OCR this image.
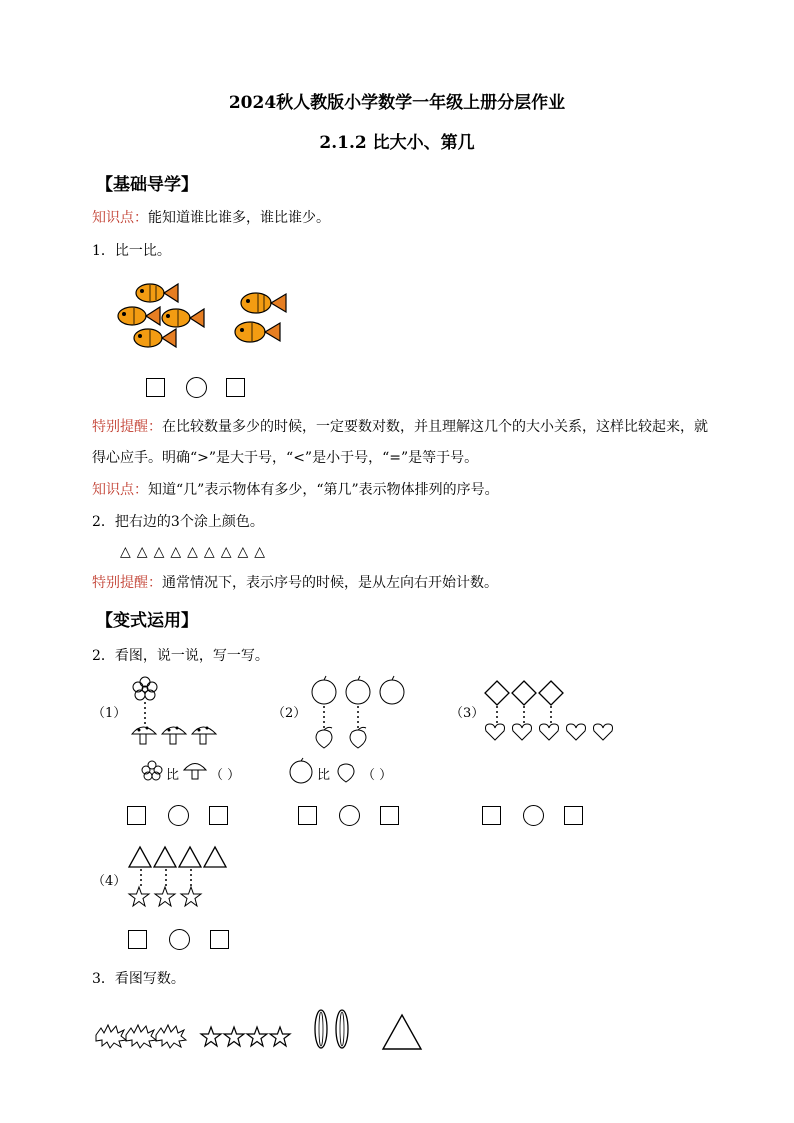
2024秋人教版小学数学一年级上册分层作业
2.1.2 比大小、第几
【基础导学】
知识点：能知道谁比谁多，谁比谁少。
1．比一比。
特别提醒：在比较数量多少的时候，一定要数对数，并且理解这几个的大小关系，这样比较起来，就
得心应手。明确“>”是大于号，“<”是小于号，“=”是等于号。
知识点：知道“几”表示物体有多少，“第几”表示物体排列的序号。
2．把右边的3个涂上颜色。
△ △ △ △ △ △ △ △ △
特别提醒：通常情况下，表示序号的时候，是从左向右开始计数。
【变式运用】
2．看图，说一说，写一写。
（1）
比 （ ）
（2）
比 （ ）
（3）
（4）
3．看图写数。
